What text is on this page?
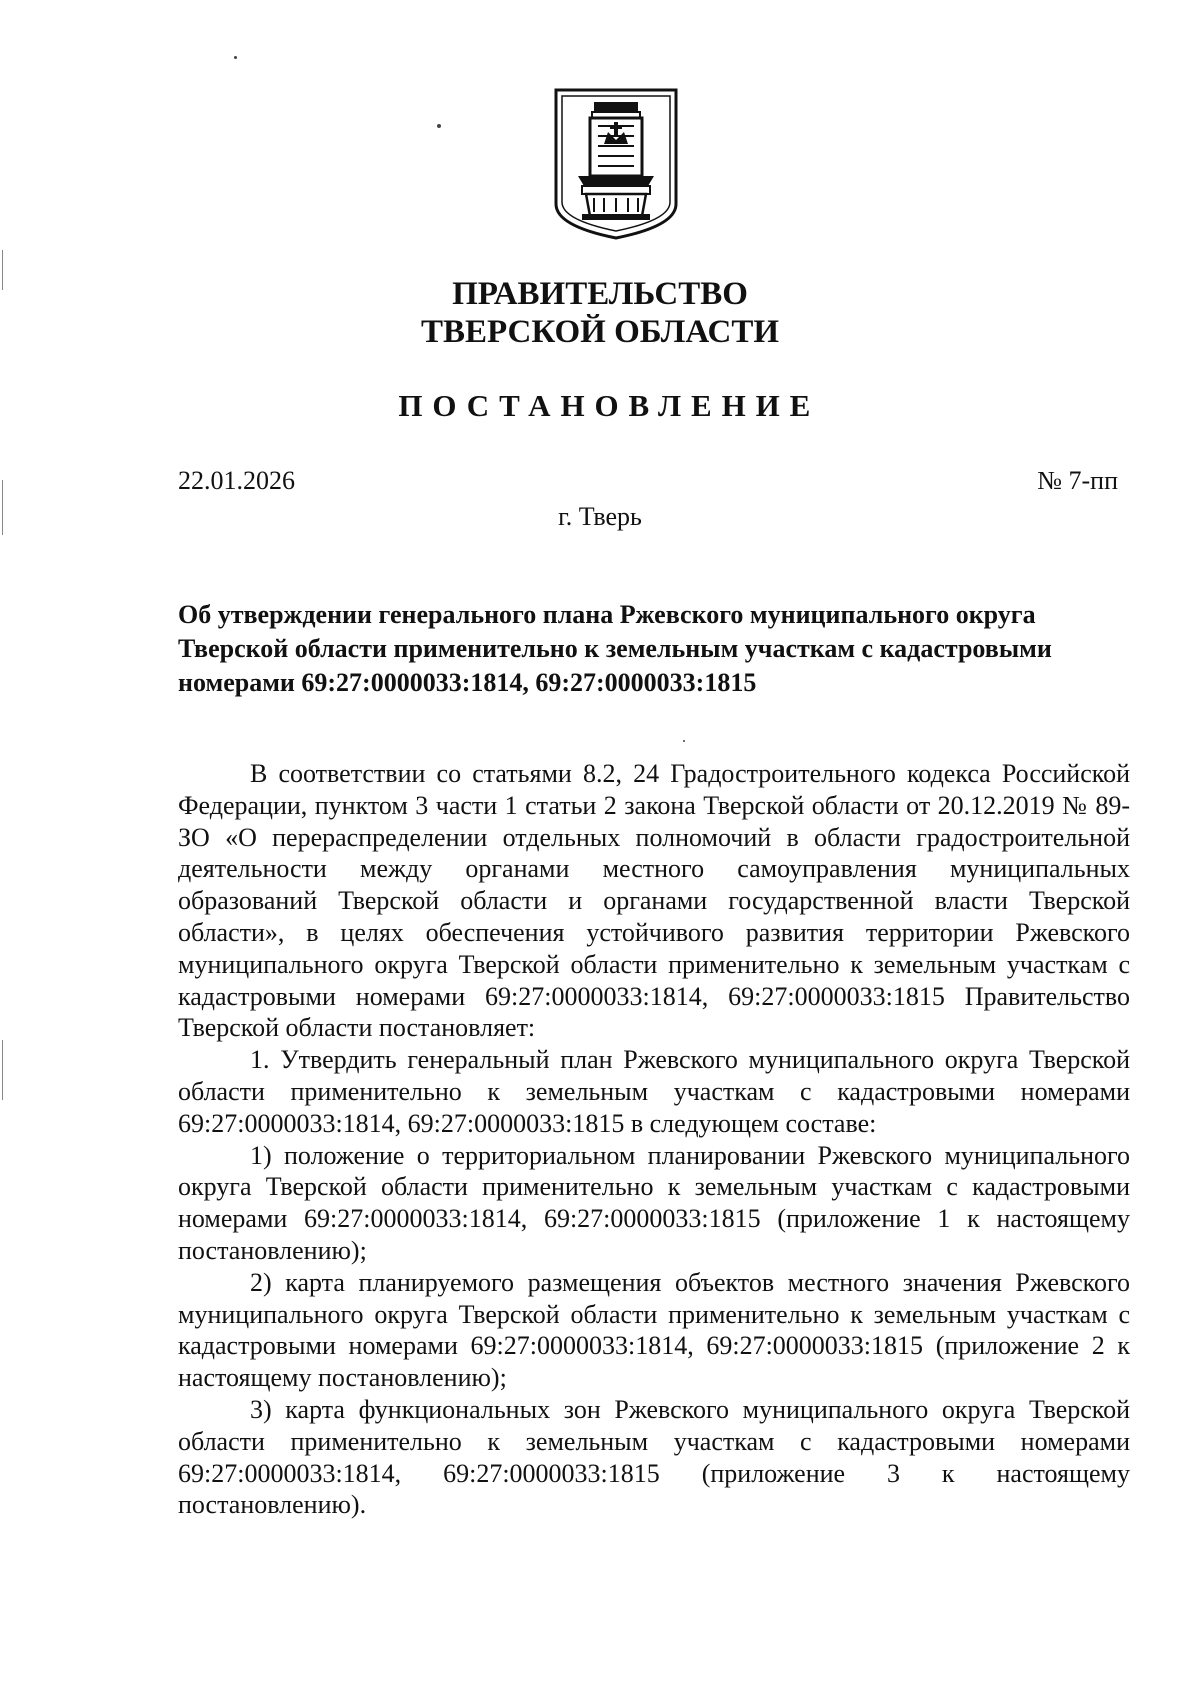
ПРАВИТЕЛЬСТВО
ТВЕРСКОЙ ОБЛАСТИ
ПОСТАНОВЛЕНИЕ
22.01.2026	№ 7-пп
г. Тверь
Об утверждении генерального плана Ржевского муниципального округа Тверской области применительно к земельным участкам с кадастровыми номерами 69:27:0000033:1814, 69:27:0000033:1815

В соответствии со статьями 8.2, 24 Градостроительного кодекса Российской Федерации, пунктом 3 части 1 статьи 2 закона Тверской области от 20.12.2019 № 89-ЗО «О перераспределении отдельных полномочий в области градостроительной деятельности между органами местного самоуправления муниципальных образований Тверской области и органами государственной власти Тверской области», в целях обеспечения устойчивого развития территории Ржевского муниципального округа Тверской области применительно к земельным участкам с кадастровыми номерами 69:27:0000033:1814, 69:27:0000033:1815 Правительство Тверской области постановляет:

1. Утвердить генеральный план Ржевского муниципального округа Тверской области применительно к земельным участкам с кадастровыми номерами 69:27:0000033:1814, 69:27:0000033:1815 в следующем составе:

1) положение о территориальном планировании Ржевского муниципального округа Тверской области применительно к земельным участкам с кадастровыми номерами 69:27:0000033:1814, 69:27:0000033:1815 (приложение 1 к настоящему постановлению);

2) карта планируемого размещения объектов местного значения Ржевского муниципального округа Тверской области применительно к земельным участкам с кадастровыми номерами 69:27:0000033:1814, 69:27:0000033:1815 (приложение 2 к настоящему постановлению);

3) карта функциональных зон Ржевского муниципального округа Тверской области применительно к земельным участкам с кадастровыми номерами 69:27:0000033:1814, 69:27:0000033:1815 (приложение 3 к настоящему постановлению).
